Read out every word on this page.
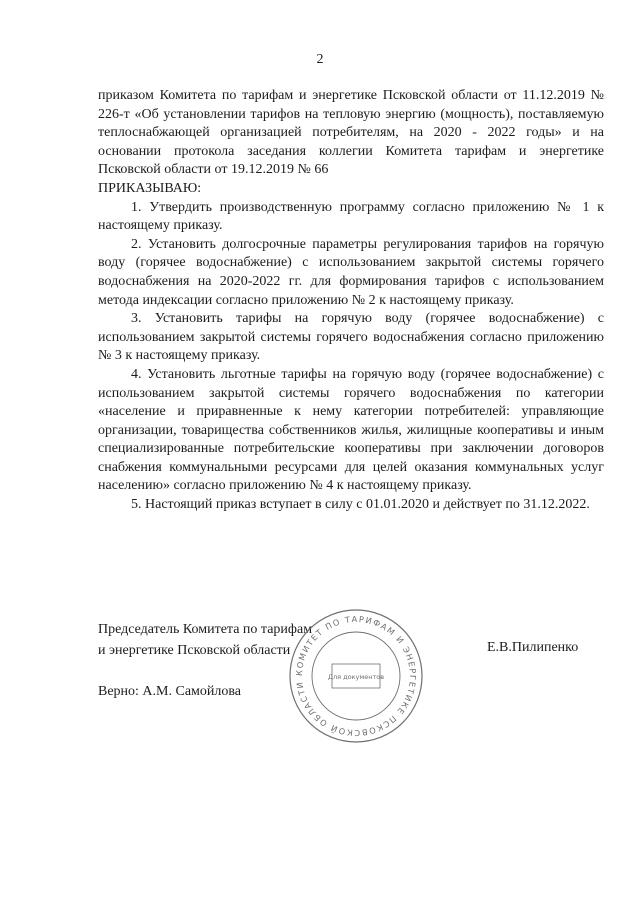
2

приказом Комитета по тарифам и энергетике Псковской области от 11.12.2019 № 226-т «Об установлении тарифов на тепловую энергию (мощность), поставляемую теплоснабжающей организацией потребителям, на 2020 - 2022 годы» и на основании протокола заседания коллегии Комитета тарифам и энергетике Псковской области от 19.12.2019 № 66

ПРИКАЗЫВАЮ:

1. Утвердить производственную программу согласно приложению № 1 к настоящему приказу.

2. Установить долгосрочные параметры регулирования тарифов на горячую воду (горячее водоснабжение) с использованием закрытой системы горячего водоснабжения на 2020-2022 гг. для формирования тарифов с использованием метода индексации согласно приложению № 2 к настоящему приказу.

3. Установить тарифы на горячую воду (горячее водоснабжение) с использованием закрытой системы горячего водоснабжения согласно приложению № 3 к настоящему приказу.

4. Установить льготные тарифы на горячую воду (горячее водоснабжение) с использованием закрытой системы горячего водоснабжения по категории «население и приравненные к нему категории потребителей: управляющие организации, товарищества собственников жилья, жилищные кооперативы и иным специализированные потребительские кооперативы при заключении договоров снабжения коммунальными ресурсами для целей оказания коммунальных услуг населению» согласно приложению № 4 к настоящему приказу.

5. Настоящий приказ вступает в силу с 01.01.2020 и действует по 31.12.2022.

Председатель Комитета по тарифам
и энергетике Псковской области	Е.В.Пилипенко
Верно: А.М. Самойлова
КОМИТЕТ ПО ТАРИФАМ И ЭНЕРГЕТИКЕ ПСКОВСКОЙ ОБЛАСТИ
Для документов
